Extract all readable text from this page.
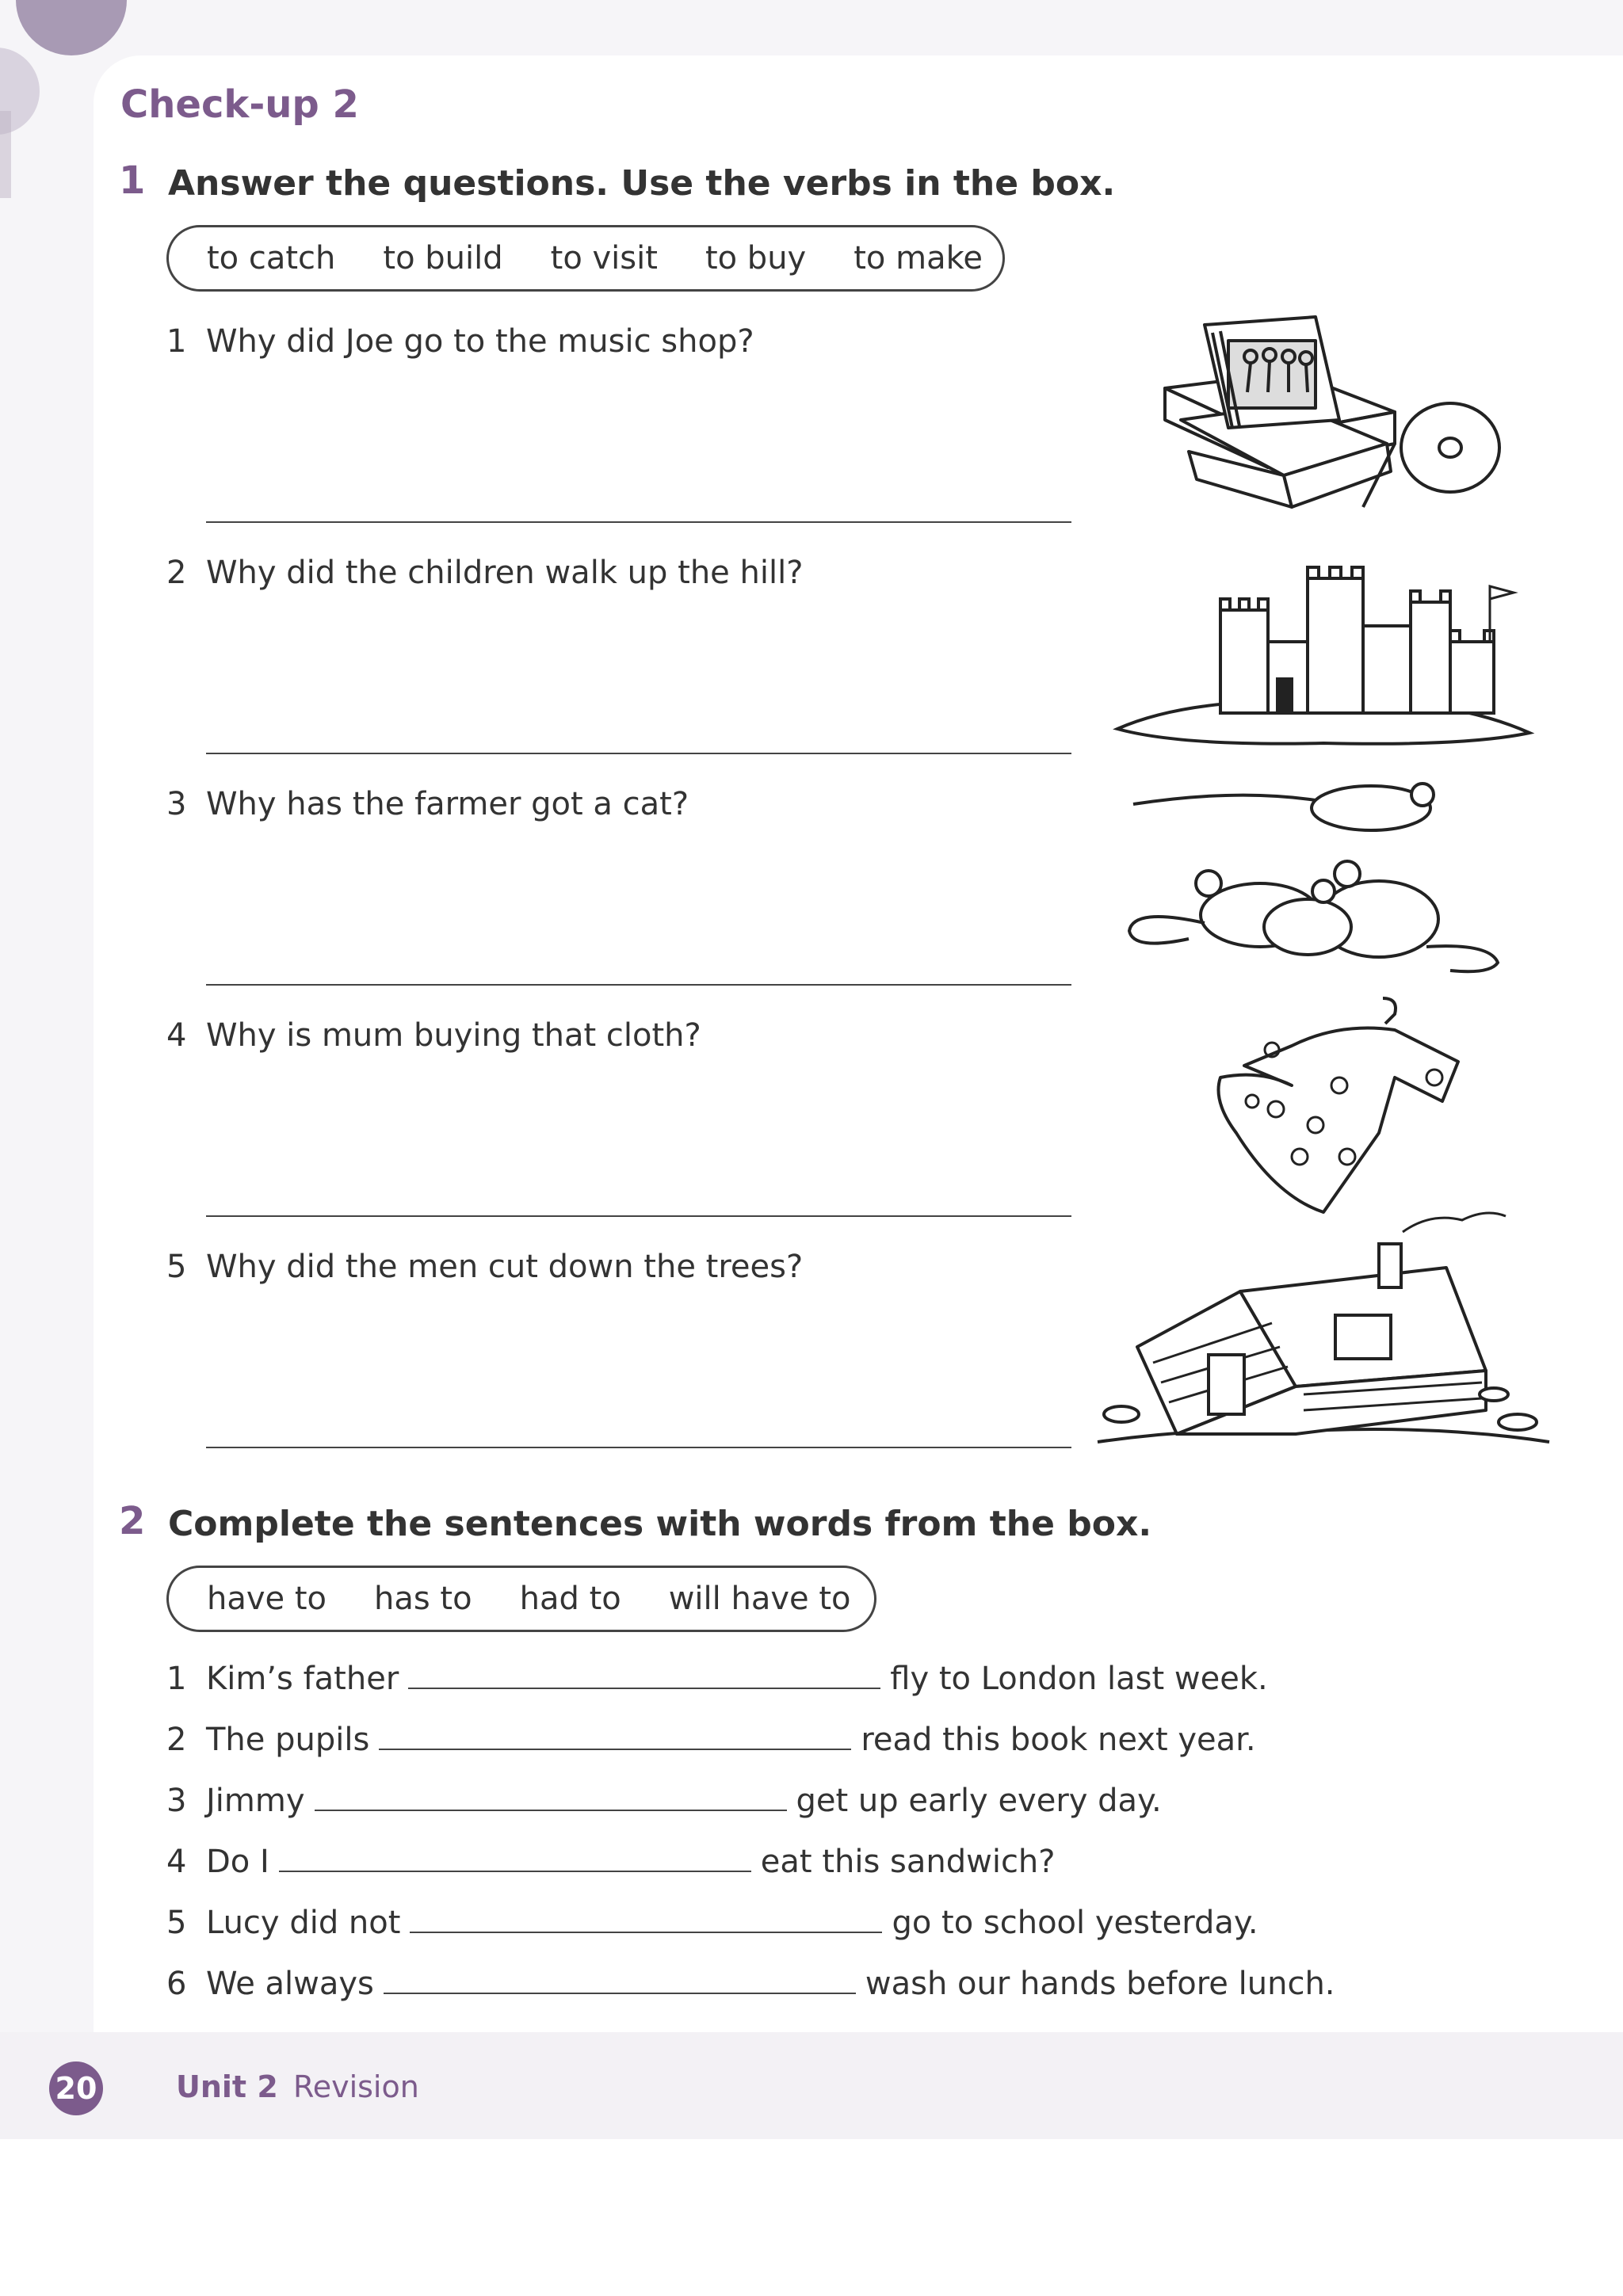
Check-up 2
1 Answer the questions. Use the verbs in the box.
to catch to build to visit to buy to make
1 Why did Joe go to the music shop?
2 Why did the children walk up the hill?
3 Why has the farmer got a cat?
4 Why is mum buying that cloth?
5 Why did the men cut down the trees?
2 Complete the sentences with words from the box.
have to has to had to will have to
1 Kim’s father	fly to London last week.
2 The pupils	read this book next year.
3 Jimmy	get up early every day.
4 Do I	eat this sandwich?
5 Lucy did not	go to school yesterday.
6 We always	wash our hands before lunch.
20	Unit 2 Revision
